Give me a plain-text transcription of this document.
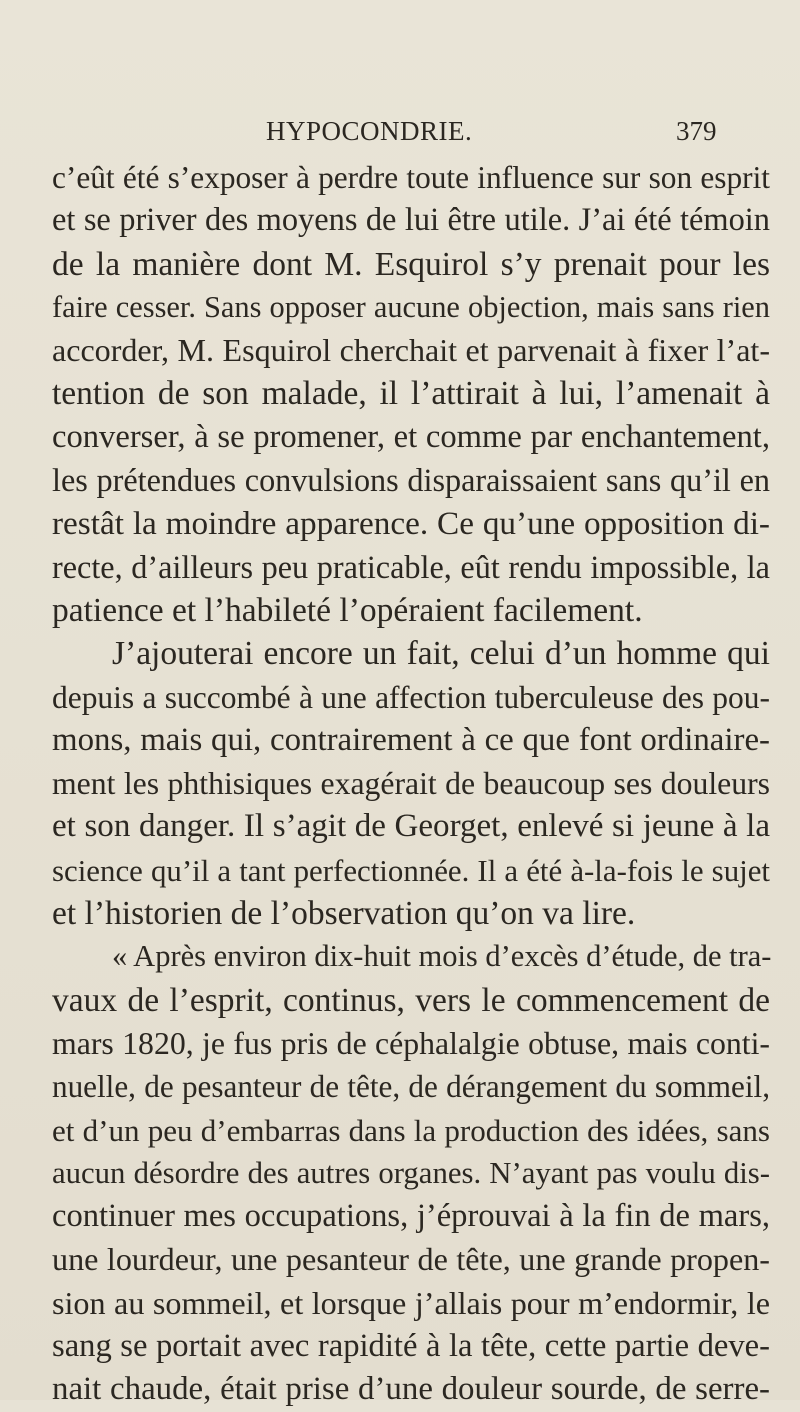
HYPOCONDRIE.	379
c’eût été s’exposer à perdre toute influence sur son esprit
et se priver des moyens de lui être utile. J’ai été témoin
de la manière dont M. Esquirol s’y prenait pour les
faire cesser. Sans opposer aucune objection, mais sans rien
accorder, M. Esquirol cherchait et parvenait à fixer l’at-
tention de son malade, il l’attirait à lui, l’amenait à
converser, à se promener, et comme par enchantement,
les prétendues convulsions disparaissaient sans qu’il en
restât la moindre apparence. Ce qu’une opposition di-
recte, d’ailleurs peu praticable, eût rendu impossible, la
patience et l’habileté l’opéraient facilement.
J’ajouterai encore un fait, celui d’un homme qui
depuis a succombé à une affection tuberculeuse des pou-
mons, mais qui, contrairement à ce que font ordinaire-
ment les phthisiques exagérait de beaucoup ses douleurs
et son danger. Il s’agit de Georget, enlevé si jeune à la
science qu’il a tant perfectionnée. Il a été à-la-fois le sujet
et l’historien de l’observation qu’on va lire.
« Après environ dix-huit mois d’excès d’étude, de tra-
vaux de l’esprit, continus, vers le commencement de
mars 1820, je fus pris de céphalalgie obtuse, mais conti-
nuelle, de pesanteur de tête, de dérangement du sommeil,
et d’un peu d’embarras dans la production des idées, sans
aucun désordre des autres organes. N’ayant pas voulu dis-
continuer mes occupations, j’éprouvai à la fin de mars,
une lourdeur, une pesanteur de tête, une grande propen-
sion au sommeil, et lorsque j’allais pour m’endormir, le
sang se portait avec rapidité à la tête, cette partie deve-
nait chaude, était prise d’une douleur sourde, de serre-
